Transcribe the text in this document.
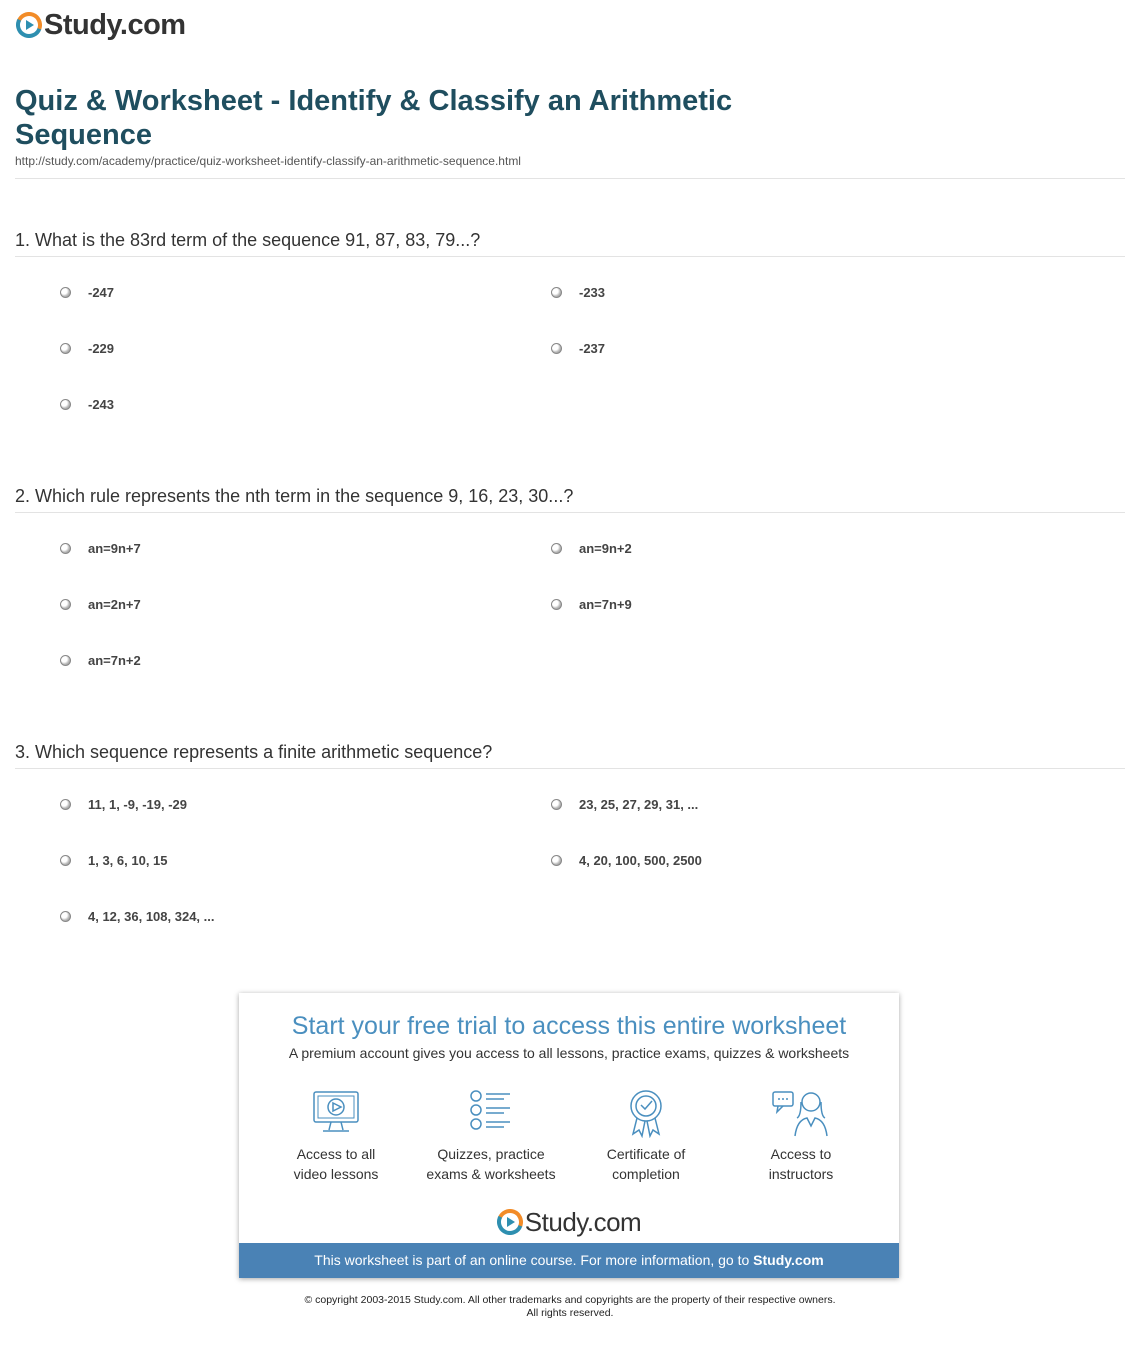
Study.com
Quiz & Worksheet - Identify & Classify an Arithmetic Sequence
http://study.com/academy/practice/quiz-worksheet-identify-classify-an-arithmetic-sequence.html
1. What is the 83rd term of the sequence 91, 87, 83, 79...?
-247	-233
-229	-237
-243
2. Which rule represents the nth term in the sequence 9, 16, 23, 30...?
an=9n+7	an=9n+2
an=2n+7	an=7n+9
an=7n+2
3. Which sequence represents a finite arithmetic sequence?
11, 1, -9, -19, -29	23, 25, 27, 29, 31, ...
1, 3, 6, 10, 15	4, 20, 100, 500, 2500
4, 12, 36, 108, 324, ...
Start your free trial to access this entire worksheet
A premium account gives you access to all lessons, practice exams, quizzes & worksheets
Access to all
video lessons
Quizzes, practice
exams & worksheets
Certificate of
completion
Access to
instructors
Study.com
This worksheet is part of an online course. For more information, go to Study.com
© copyright 2003-2015 Study.com. All other trademarks and copyrights are the property of their respective owners.
All rights reserved.
